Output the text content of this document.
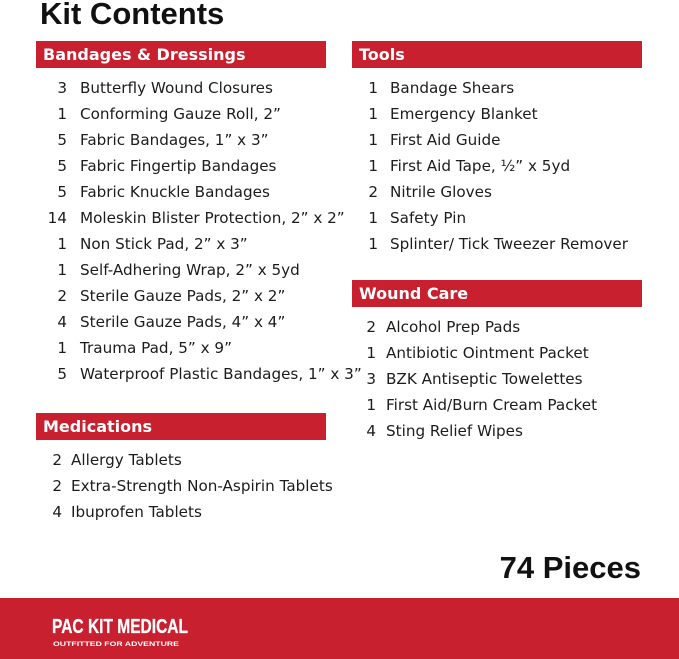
Kit Contents
Bandages & Dressings
3 Butterfly Wound Closures
1 Conforming Gauze Roll, 2”
5 Fabric Bandages, 1” x 3”
5 Fabric Fingertip Bandages
5 Fabric Knuckle Bandages
14 Moleskin Blister Protection, 2” x 2”
1 Non Stick Pad, 2” x 3”
1 Self-Adhering Wrap, 2” x 5yd
2 Sterile Gauze Pads, 2” x 2”
4 Sterile Gauze Pads, 4” x 4”
1 Trauma Pad, 5” x 9”
5 Waterproof Plastic Bandages, 1” x 3”
Medications
2 Allergy Tablets
2 Extra-Strength Non-Aspirin Tablets
4 Ibuprofen Tablets
Tools
1 Bandage Shears
1 Emergency Blanket
1 First Aid Guide
1 First Aid Tape, ½” x 5yd
2 Nitrile Gloves
1 Safety Pin
1 Splinter/ Tick Tweezer Remover
Wound Care
2 Alcohol Prep Pads
1 Antibiotic Ointment Packet
3 BZK Antiseptic Towelettes
1 First Aid/Burn Cream Packet
4 Sting Relief Wipes
74 Pieces
PAC KIT MEDICAL
OUTFITTED FOR ADVENTURE
